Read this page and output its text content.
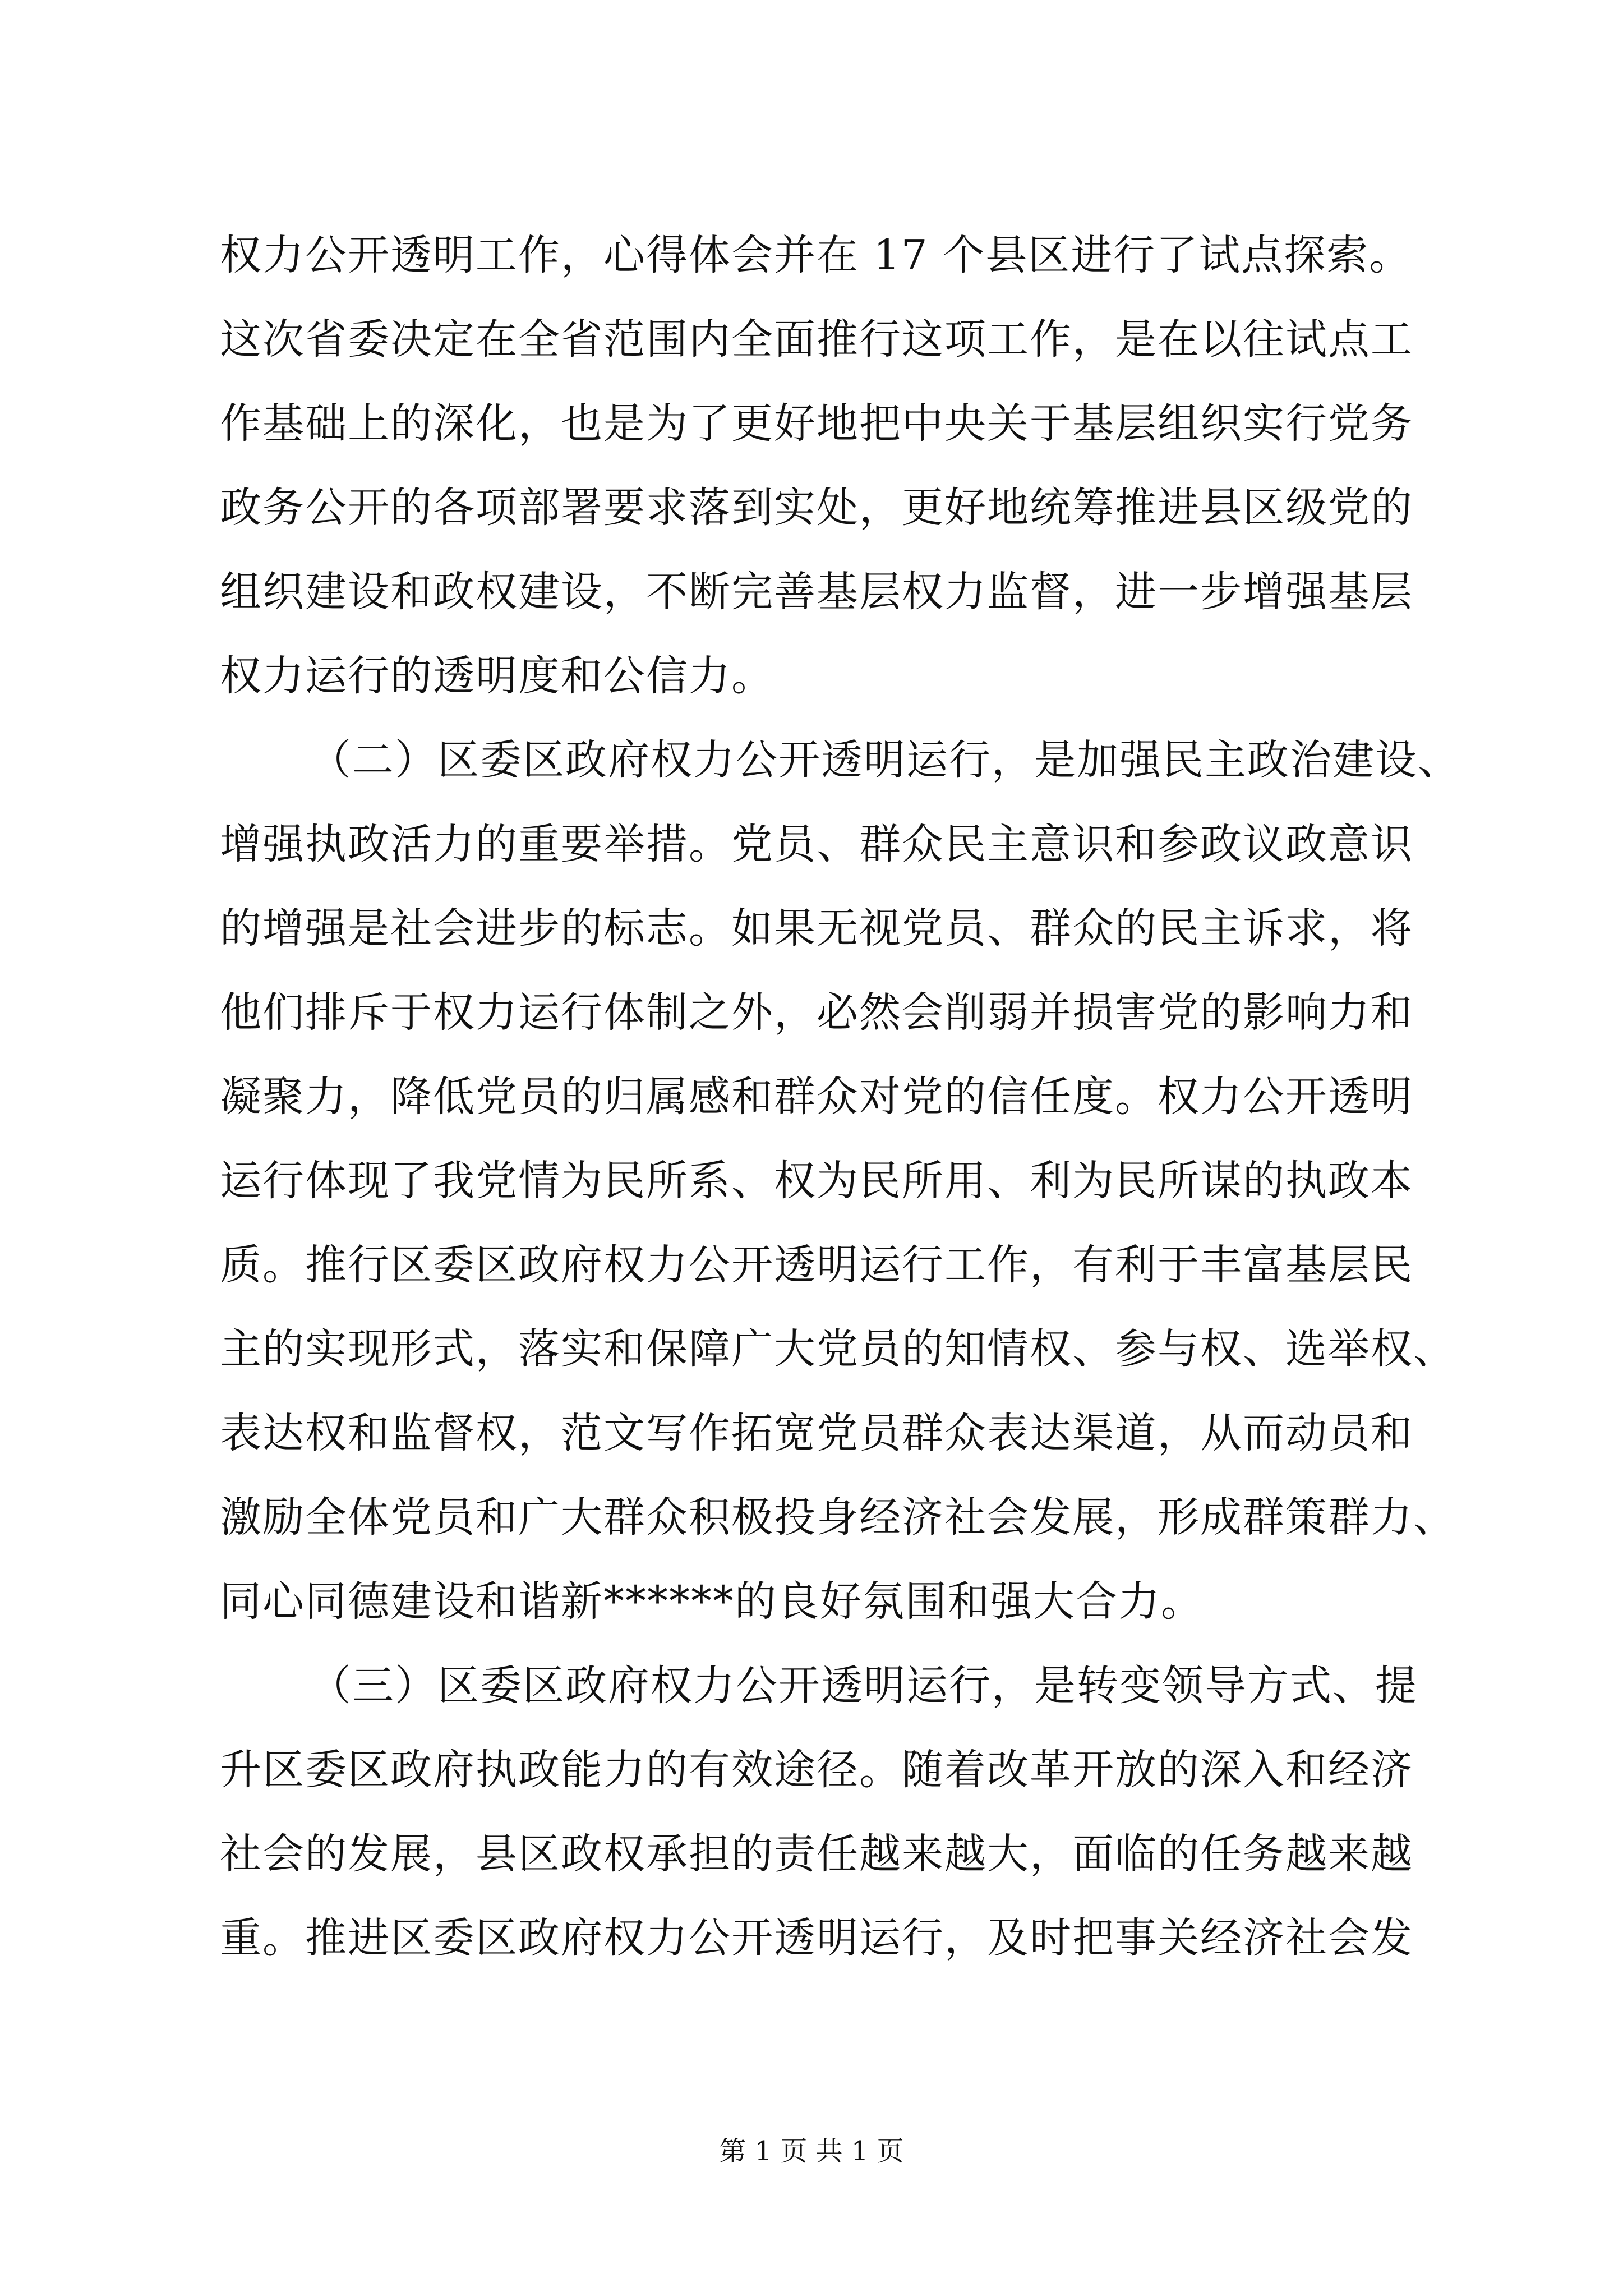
权力公开透明工作，心得体会并在 17 个县区进行了试点探索。
这次省委决定在全省范围内全面推行这项工作，是在以往试点工
作基础上的深化，也是为了更好地把中央关于基层组织实行党务
政务公开的各项部署要求落到实处，更好地统筹推进县区级党的
组织建设和政权建设，不断完善基层权力监督，进一步增强基层
权力运行的透明度和公信力。
（二）区委区政府权力公开透明运行，是加强民主政治建设、
增强执政活力的重要举措。党员、群众民主意识和参政议政意识
的增强是社会进步的标志。如果无视党员、群众的民主诉求，将
他们排斥于权力运行体制之外，必然会削弱并损害党的影响力和
凝聚力，降低党员的归属感和群众对党的信任度。权力公开透明
运行体现了我党情为民所系、权为民所用、利为民所谋的执政本
质。推行区委区政府权力公开透明运行工作，有利于丰富基层民
主的实现形式，落实和保障广大党员的知情权、参与权、选举权、
表达权和监督权，范文写作拓宽党员群众表达渠道，从而动员和
激励全体党员和广大群众积极投身经济社会发展，形成群策群力、
同心同德建设和谐新******的良好氛围和强大合力。
（三）区委区政府权力公开透明运行，是转变领导方式、提
升区委区政府执政能力的有效途径。随着改革开放的深入和经济
社会的发展，县区政权承担的责任越来越大，面临的任务越来越
重。推进区委区政府权力公开透明运行，及时把事关经济社会发
第 1 页 共 1 页
